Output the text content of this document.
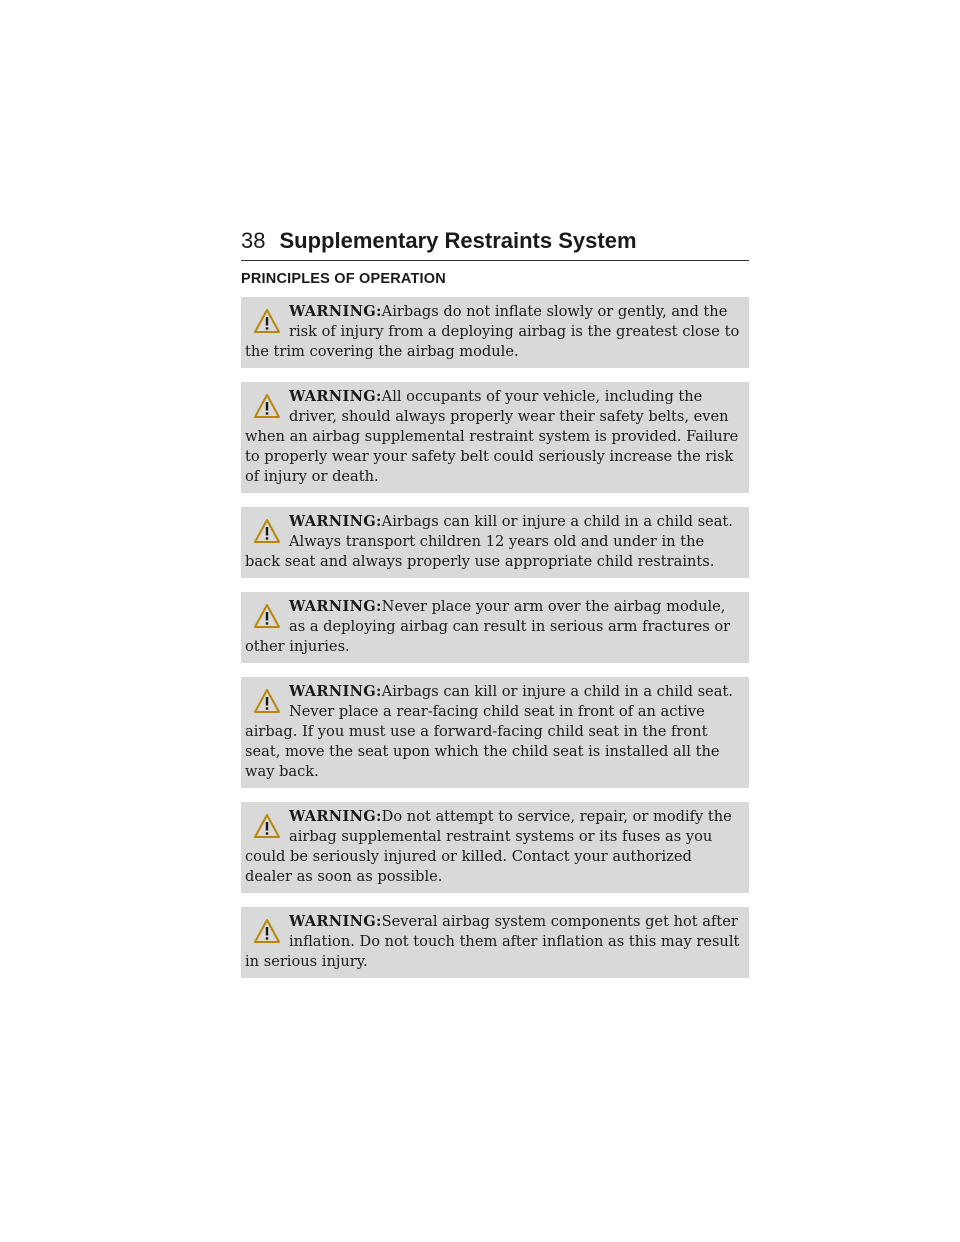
38 Supplementary Restraints System
PRINCIPLES OF OPERATION

WARNING:Airbags do not inflate slowly or gently, and the risk of injury from a deploying airbag is the greatest close to the trim covering the airbag module.

WARNING:All occupants of your vehicle, including the driver, should always properly wear their safety belts, even when an airbag supplemental restraint system is provided. Failure to properly wear your safety belt could seriously increase the risk of injury or death.

WARNING:Airbags can kill or injure a child in a child seat. Always transport children 12 years old and under in the back seat and always properly use appropriate child restraints.

WARNING:Never place your arm over the airbag module, as a deploying airbag can result in serious arm fractures or other injuries.

WARNING:Airbags can kill or injure a child in a child seat. Never place a rear-facing child seat in front of an active airbag. If you must use a forward-facing child seat in the front seat, move the seat upon which the child seat is installed all the way back.

WARNING:Do not attempt to service, repair, or modify the airbag supplemental restraint systems or its fuses as you could be seriously injured or killed. Contact your authorized dealer as soon as possible.

WARNING:Several airbag system components get hot after inflation. Do not touch them after inflation as this may result in serious injury.
